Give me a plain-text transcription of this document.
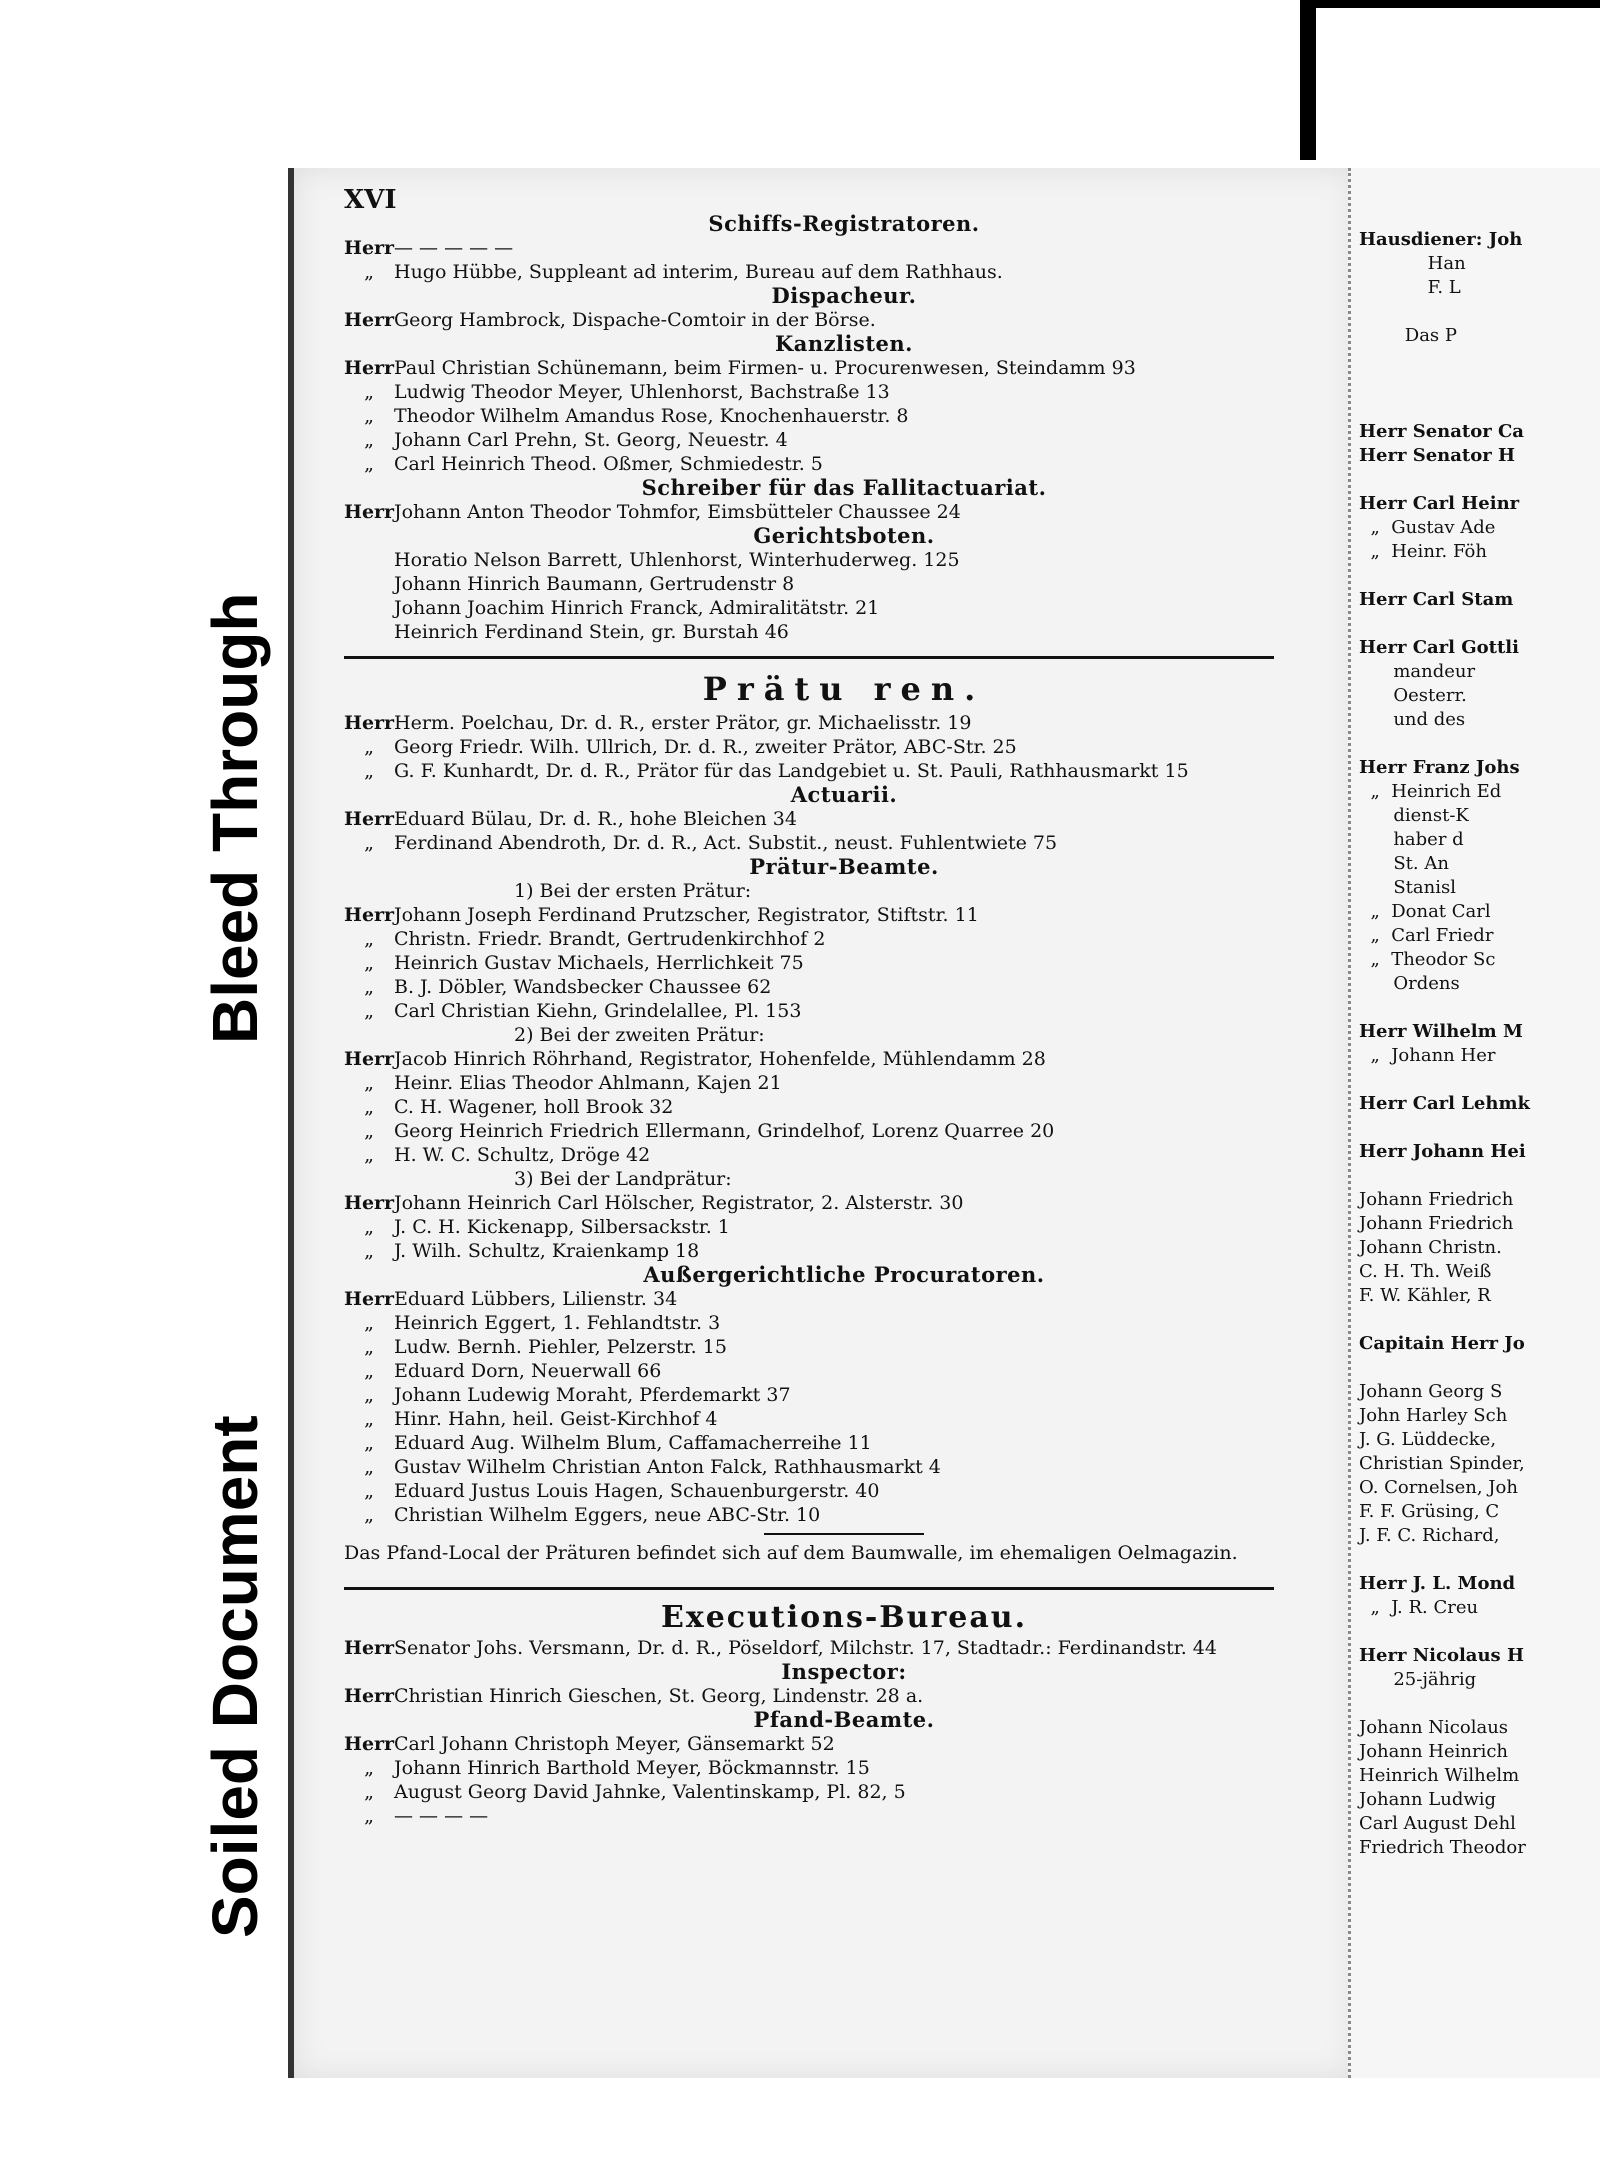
Bleed Through
Soiled Document
XVI
Schiffs-Registratoren.
Herr— — — — —
„ Hugo Hübbe, Suppleant ad interim, Bureau auf dem Rathhaus.
Dispacheur.
HerrGeorg Hambrock, Dispache-Comtoir in der Börse.
Kanzlisten.
HerrPaul Christian Schünemann, beim Firmen- u. Procurenwesen, Steindamm 93
„ Ludwig Theodor Meyer, Uhlenhorst, Bachstraße 13
„ Theodor Wilhelm Amandus Rose, Knochenhauerstr. 8
„ Johann Carl Prehn, St. Georg, Neuestr. 4
„ Carl Heinrich Theod. Oßmer, Schmiedestr. 5
Schreiber für das Fallitactuariat.
HerrJohann Anton Theodor Tohmfor, Eimsbütteler Chaussee 24
Gerichtsboten.
Horatio Nelson Barrett, Uhlenhorst, Winterhuderweg. 125
Johann Hinrich Baumann, Gertrudenstr 8
Johann Joachim Hinrich Franck, Admiralitätstr. 21
Heinrich Ferdinand Stein, gr. Burstah 46
Prätu ren.
HerrHerm. Poelchau, Dr. d. R., erster Prätor, gr. Michaelisstr. 19
„ Georg Friedr. Wilh. Ullrich, Dr. d. R., zweiter Prätor, ABC-Str. 25
„ G. F. Kunhardt, Dr. d. R., Prätor für das Landgebiet u. St. Pauli, Rathhausmarkt 15
Actuarii.
HerrEduard Bülau, Dr. d. R., hohe Bleichen 34
„ Ferdinand Abendroth, Dr. d. R., Act. Substit., neust. Fuhlentwiete 75
Prätur-Beamte.
1) Bei der ersten Prätur:
HerrJohann Joseph Ferdinand Prutzscher, Registrator, Stiftstr. 11
„ Christn. Friedr. Brandt, Gertrudenkirchhof 2
„ Heinrich Gustav Michaels, Herrlichkeit 75
„ B. J. Döbler, Wandsbecker Chaussee 62
„ Carl Christian Kiehn, Grindelallee, Pl. 153
2) Bei der zweiten Prätur:
HerrJacob Hinrich Röhrhand, Registrator, Hohenfelde, Mühlendamm 28
„ Heinr. Elias Theodor Ahlmann, Kajen 21
„ C. H. Wagener, holl Brook 32
„ Georg Heinrich Friedrich Ellermann, Grindelhof, Lorenz Quarree 20
„ H. W. C. Schultz, Dröge 42
3) Bei der Landprätur:
HerrJohann Heinrich Carl Hölscher, Registrator, 2. Alsterstr. 30
„ J. C. H. Kickenapp, Silbersackstr. 1
„ J. Wilh. Schultz, Kraienkamp 18
Außergerichtliche Procuratoren.
HerrEduard Lübbers, Lilienstr. 34
„ Heinrich Eggert, 1. Fehlandtstr. 3
„ Ludw. Bernh. Piehler, Pelzerstr. 15
„ Eduard Dorn, Neuerwall 66
„ Johann Ludewig Moraht, Pferdemarkt 37
„ Hinr. Hahn, heil. Geist-Kirchhof 4
„ Eduard Aug. Wilhelm Blum, Caffamacherreihe 11
„ Gustav Wilhelm Christian Anton Falck, Rathhausmarkt 4
„ Eduard Justus Louis Hagen, Schauenburgerstr. 40
„ Christian Wilhelm Eggers, neue ABC-Str. 10
Das Pfand-Local der Präturen befindet sich auf dem Baumwalle, im ehemaligen Oelmagazin.
Executions-Bureau.
HerrSenator Johs. Versmann, Dr. d. R., Pöseldorf, Milchstr. 17, Stadtadr.: Ferdinandstr. 44
Inspector:
HerrChristian Hinrich Gieschen, St. Georg, Lindenstr. 28 a.
Pfand-Beamte.
HerrCarl Johann Christoph Meyer, Gänsemarkt 52
„ Johann Hinrich Barthold Meyer, Böckmannstr. 15
„ August Georg David Jahnke, Valentinskamp, Pl. 82, 5
„ — — — —
Hausdiener: Joh
Han
F. L

Das P

Herr Senator Ca
Herr Senator H

Herr Carl Heinr
„  Gustav Ade
„  Heinr. Föh

Herr Carl Stam

Herr Carl Gottli
mandeur
Oesterr.
und des

Herr Franz Johs
„  Heinrich Ed
dienst-K
haber d
St. An
Stanisl
„  Donat Carl
„  Carl Friedr
„  Theodor Sc
Ordens

Herr Wilhelm M
„  Johann Her

Herr Carl Lehmk

Herr Johann Hei

Johann Friedrich
Johann Friedrich
Johann Christn.
C. H. Th. Weiß
F. W. Kähler, R

Capitain Herr Jo

Johann Georg S
John Harley Sch
J. G. Lüddecke,
Christian Spinder,
O. Cornelsen, Joh
F. F. Grüsing, C
J. F. C. Richard,

Herr J. L. Mond
„  J. R. Creu

Herr Nicolaus H
25-jährig

Johann Nicolaus
Johann Heinrich
Heinrich Wilhelm
Johann Ludwig
Carl August Dehl
Friedrich Theodor
